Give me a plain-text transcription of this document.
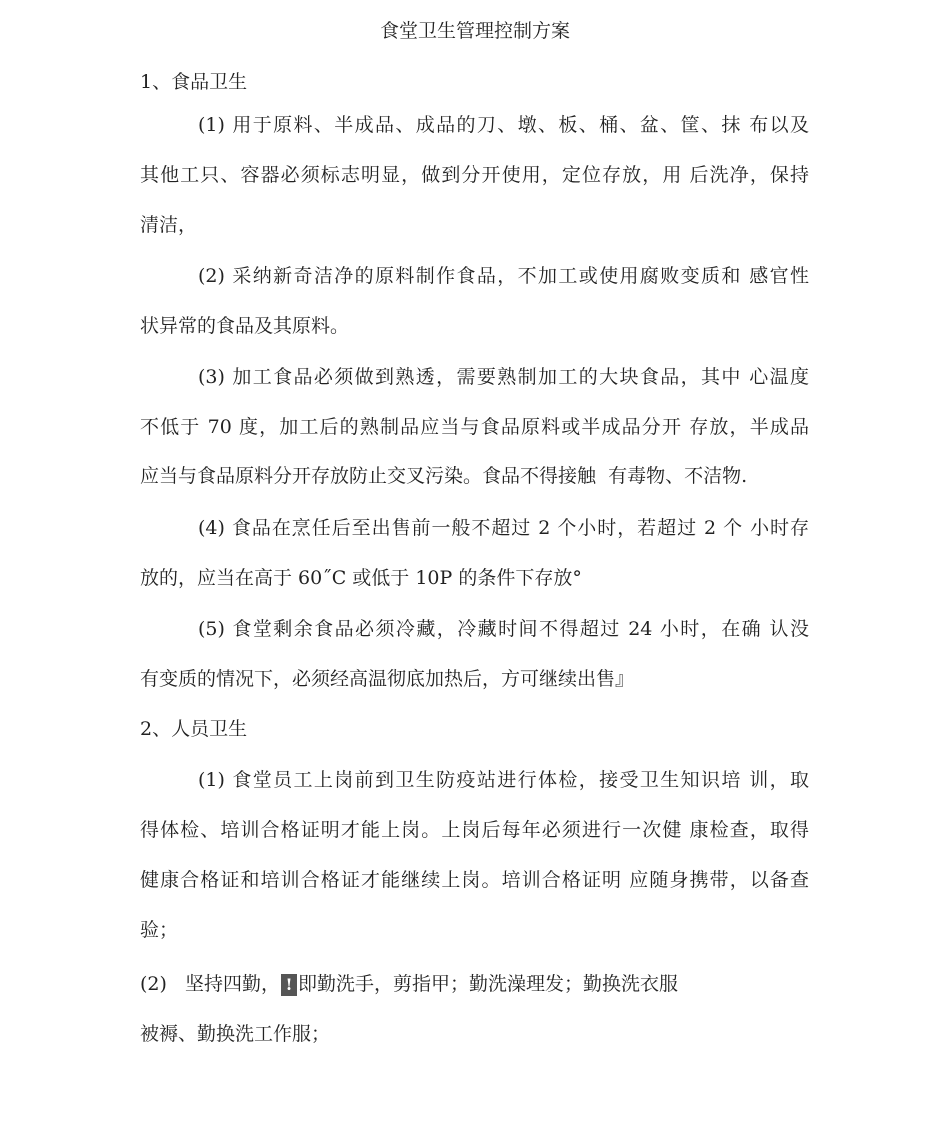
食堂卫生管理控制方案
1、食品卫生
(1) 用于原料、半成品、成品的刀、墩、板、桶、盆、筐、抹 布以及
其他工只、容器必须标志明显，做到分开使用，定位存放，用 后洗净，保持
清洁，
(2) 采纳新奇洁净的原料制作食品，不加工或使用腐败变质和 感官性
状异常的食品及其原料。
(3) 加工食品必须做到熟透，需要熟制加工的大块食品，其中 心温度
不低于 70 度，加工后的熟制品应当与食品原料或半成品分开 存放，半成品
应当与食品原料分开存放防止交叉污染。食品不得接触  有毒物、不洁物.
(4) 食品在烹任后至出售前一般不超过 2 个小时，若超过 2 个 小时存
放的，应当在高于 60˝C 或低于 10P 的条件下存放°
(5) 食堂剩余食品必须冷藏，冷藏时间不得超过 24 小时，在确 认没
有变质的情况下，必须经高温彻底加热后，方可继续出售』
2、人员卫生
(1) 食堂员工上岗前到卫生防疫站进行体检，接受卫生知识培 训，取
得体检、培训合格证明才能上岗。上岗后每年必须进行一次健 康检查，取得
健康合格证和培训合格证才能继续上岗。培训合格证明 应随身携带，以备查
验；
(2)   坚持四勤， ! 即勤洗手，剪指甲；勤洗澡理发；勤换洗衣服
被褥、勤换洗工作服；
